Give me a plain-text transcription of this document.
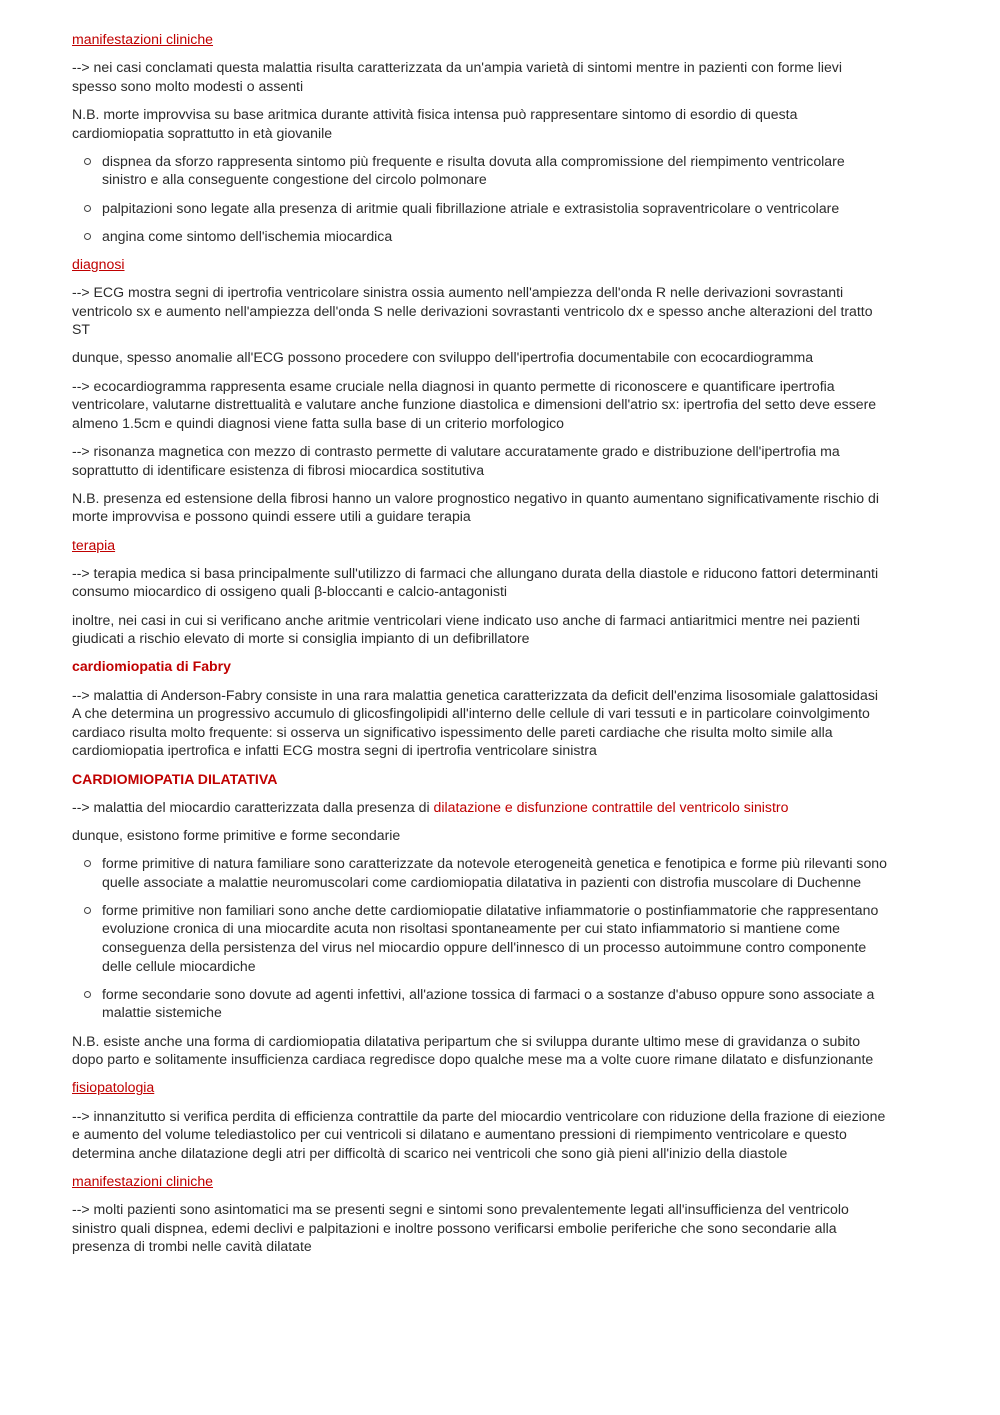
manifestazioni cliniche

--> nei casi conclamati questa malattia risulta caratterizzata da un'ampia varietà di sintomi mentre in pazienti con forme lievi spesso sono molto modesti o assenti

N.B. morte improvvisa su base aritmica durante attività fisica intensa può rappresentare sintomo di esordio di questa cardiomiopatia soprattutto in età giovanile

dispnea da sforzo rappresenta sintomo più frequente e risulta dovuta alla compromissione del riempimento ventricolare sinistro e alla conseguente congestione del circolo polmonare
palpitazioni sono legate alla presenza di aritmie quali fibrillazione atriale e extrasistolia sopraventricolare o ventricolare
angina come sintomo dell'ischemia miocardica
diagnosi

--> ECG mostra segni di ipertrofia ventricolare sinistra ossia aumento nell'ampiezza dell'onda R nelle derivazioni sovrastanti ventricolo sx e aumento nell'ampiezza dell'onda S nelle derivazioni sovrastanti ventricolo dx e spesso anche alterazioni del tratto ST

dunque, spesso anomalie all'ECG possono procedere con sviluppo dell'ipertrofia documentabile con ecocardiogramma

--> ecocardiogramma rappresenta esame cruciale nella diagnosi in quanto permette di riconoscere e quantificare ipertrofia ventricolare, valutarne distrettualità e valutare anche funzione diastolica e dimensioni dell'atrio sx: ipertrofia del setto deve essere almeno 1.5cm e quindi diagnosi viene fatta sulla base di un criterio morfologico

--> risonanza magnetica con mezzo di contrasto permette di valutare accuratamente grado e distribuzione dell'ipertrofia ma soprattutto di identificare esistenza di fibrosi miocardica sostitutiva

N.B. presenza ed estensione della fibrosi hanno un valore prognostico negativo in quanto aumentano significativamente rischio di morte improvvisa e possono quindi essere utili a guidare terapia

terapia

--> terapia medica si basa principalmente sull'utilizzo di farmaci che allungano durata della diastole e riducono fattori determinanti consumo miocardico di ossigeno quali β-bloccanti e calcio-antagonisti

inoltre, nei casi in cui si verificano anche aritmie ventricolari viene indicato uso anche di farmaci antiaritmici mentre nei pazienti giudicati a rischio elevato di morte si consiglia impianto di un defibrillatore

cardiomiopatia di Fabry

--> malattia di Anderson-Fabry consiste in una rara malattia genetica caratterizzata da deficit dell'enzima lisosomiale galattosidasi A che determina un progressivo accumulo di glicosfingolipidi all'interno delle cellule di vari tessuti e in particolare coinvolgimento cardiaco risulta molto frequente: si osserva un significativo ispessimento delle pareti cardiache che risulta molto simile alla cardiomiopatia ipertrofica e infatti ECG mostra segni di ipertrofia ventricolare sinistra

CARDIOMIOPATIA DILATATIVA

--> malattia del miocardio caratterizzata dalla presenza di dilatazione e disfunzione contrattile del ventricolo sinistro

dunque, esistono forme primitive e forme secondarie

forme primitive di natura familiare sono caratterizzate da notevole eterogeneità genetica e fenotipica e forme più rilevanti sono quelle associate a malattie neuromuscolari come cardiomiopatia dilatativa in pazienti con distrofia muscolare di Duchenne
forme primitive non familiari sono anche dette cardiomiopatie dilatative infiammatorie o postinfiammatorie che rappresentano evoluzione cronica di una miocardite acuta non risoltasi spontaneamente per cui stato infiammatorio si mantiene come conseguenza della persistenza del virus nel miocardio oppure dell'innesco di un processo autoimmune contro componente delle cellule miocardiche
forme secondarie sono dovute ad agenti infettivi, all'azione tossica di farmaci o a sostanze d'abuso oppure sono associate a malattie sistemiche

N.B. esiste anche una forma di cardiomiopatia dilatativa peripartum che si sviluppa durante ultimo mese di gravidanza o subito dopo parto e solitamente insufficienza cardiaca regredisce dopo qualche mese ma a volte cuore rimane dilatato e disfunzionante

fisiopatologia

--> innanzitutto si verifica perdita di efficienza contrattile da parte del miocardio ventricolare con riduzione della frazione di eiezione e aumento del volume telediastolico per cui ventricoli si dilatano e aumentano pressioni di riempimento ventricolare e questo determina anche dilatazione degli atri per difficoltà di scarico nei ventricoli che sono già pieni all'inizio della diastole

manifestazioni cliniche

--> molti pazienti sono asintomatici ma se presenti segni e sintomi sono prevalentemente legati all'insufficienza del ventricolo sinistro quali dispnea, edemi declivi e palpitazioni e inoltre possono verificarsi embolie periferiche che sono secondarie alla presenza di trombi nelle cavità dilatate
